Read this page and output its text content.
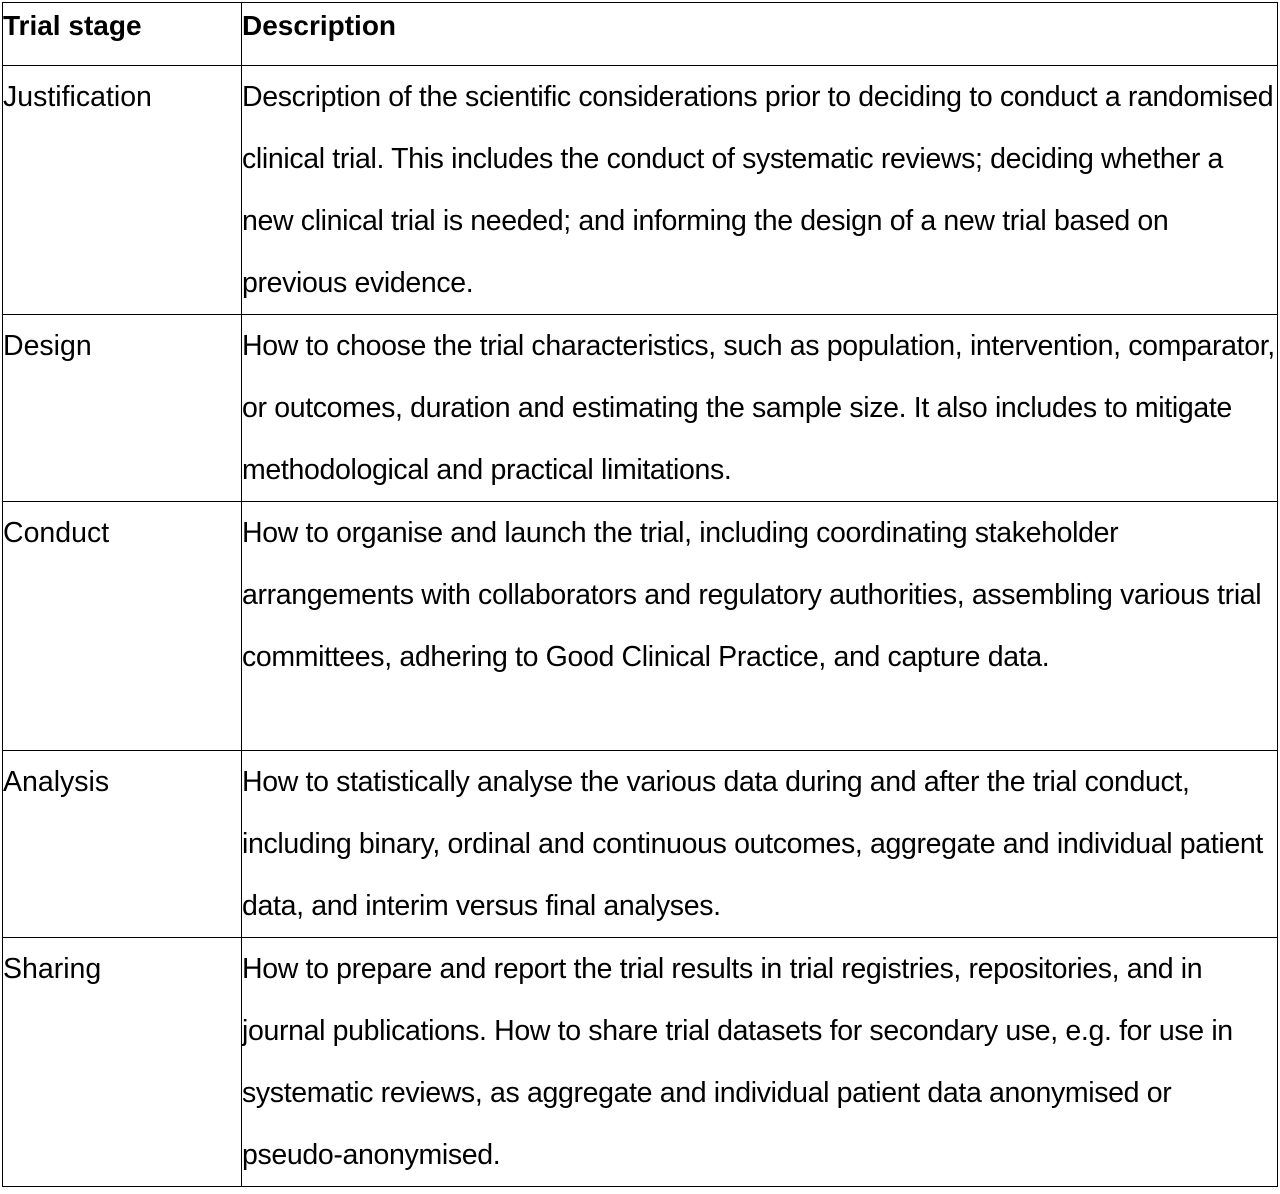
Trial stage	Description
Justification	Description of the scientific considerations prior to deciding to conduct a randomised clinical trial. This includes the conduct of systematic reviews; deciding whether a new clinical trial is needed; and informing the design of a new trial based on previous evidence.
Design	How to choose the trial characteristics, such as population, intervention, comparator, or outcomes, duration and estimating the sample size. It also includes to mitigate methodological and practical limitations.
Conduct	How to organise and launch the trial, including coordinating stakeholder arrangements with collaborators and regulatory authorities, assembling various trial committees, adhering to Good Clinical Practice, and capture data.
Analysis	How to statistically analyse the various data during and after the trial conduct, including binary, ordinal and continuous outcomes, aggregate and individual patient data, and interim versus final analyses.
Sharing	How to prepare and report the trial results in trial registries, repositories, and in journal publications. How to share trial datasets for secondary use, e.g. for use in systematic reviews, as aggregate and individual patient data anonymised or pseudo-anonymised.
